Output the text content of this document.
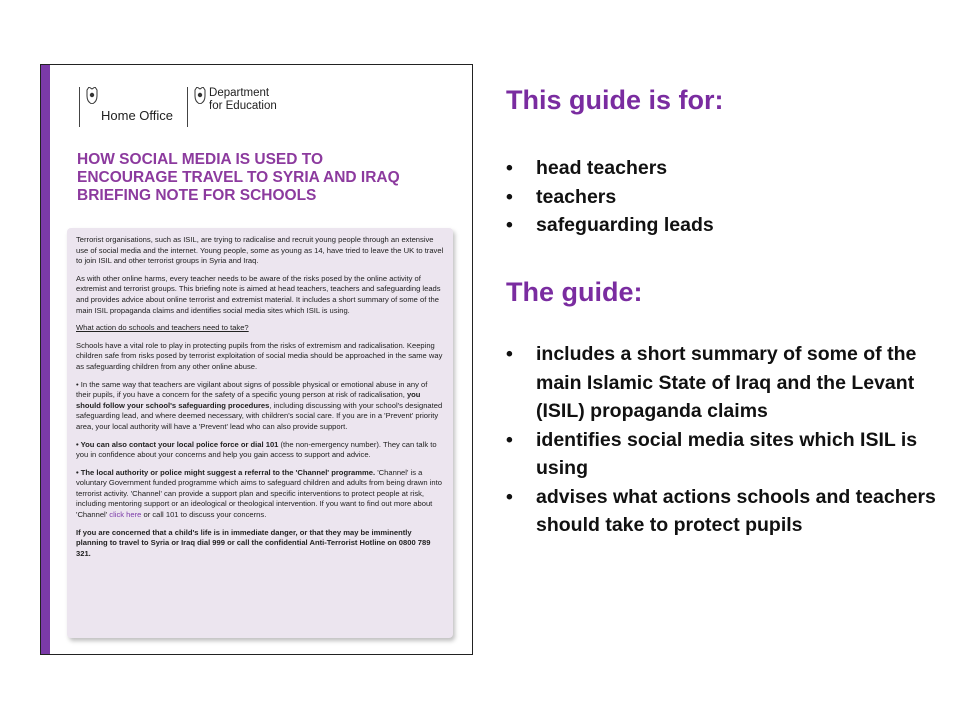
Home Office
Department
for Education
HOW SOCIAL MEDIA IS USED TO
ENCOURAGE TRAVEL TO SYRIA AND IRAQ
BRIEFING NOTE FOR SCHOOLS

Terrorist organisations, such as ISIL, are trying to radicalise and recruit young people through an extensive use of social media and the internet. Young people, some as young as 14, have tried to leave the UK to travel to join ISIL and other terrorist groups in Syria and Iraq.

As with other online harms, every teacher needs to be aware of the risks posed by the online activity of extremist and terrorist groups. This briefing note is aimed at head teachers, teachers and safeguarding leads and provides advice about online terrorist and extremist material. It includes a short summary of some of the main ISIL propaganda claims and identifies social media sites which ISIL is using.

What action do schools and teachers need to take?

Schools have a vital role to play in protecting pupils from the risks of extremism and radicalisation. Keeping children safe from risks posed by terrorist exploitation of social media should be approached in the same way as safeguarding children from any other online abuse.

• In the same way that teachers are vigilant about signs of possible physical or emotional abuse in any of their pupils, if you have a concern for the safety of a specific young person at risk of radicalisation, you should follow your school's safeguarding procedures, including discussing with your school's designated safeguarding lead, and where deemed necessary, with children's social care. If you are in a 'Prevent' priority area, your local authority will have a 'Prevent' lead who can also provide support.

• You can also contact your local police force or dial 101 (the non-emergency number). They can talk to you in confidence about your concerns and help you gain access to support and advice.

• The local authority or police might suggest a referral to the 'Channel' programme. 'Channel' is a voluntary Government funded programme which aims to safeguard children and adults from being drawn into terrorist activity. 'Channel' can provide a support plan and specific interventions to protect people at risk, including mentoring support or an ideological or theological intervention. If you want to find out more about 'Channel' click here or call 101 to discuss your concerns.

If you are concerned that a child's life is in immediate danger, or that they may be imminently planning to travel to Syria or Iraq dial 999 or call the confidential Anti-Terrorist Hotline on 0800 789 321.

This guide is for:
• head teachers
• teachers
• safeguarding leads
The guide:
• includes a short summary of some of the main Islamic State of Iraq and the Levant (ISIL) propaganda claims
• identifies social media sites which ISIL is using
• advises what actions schools and teachers should take to protect pupils
